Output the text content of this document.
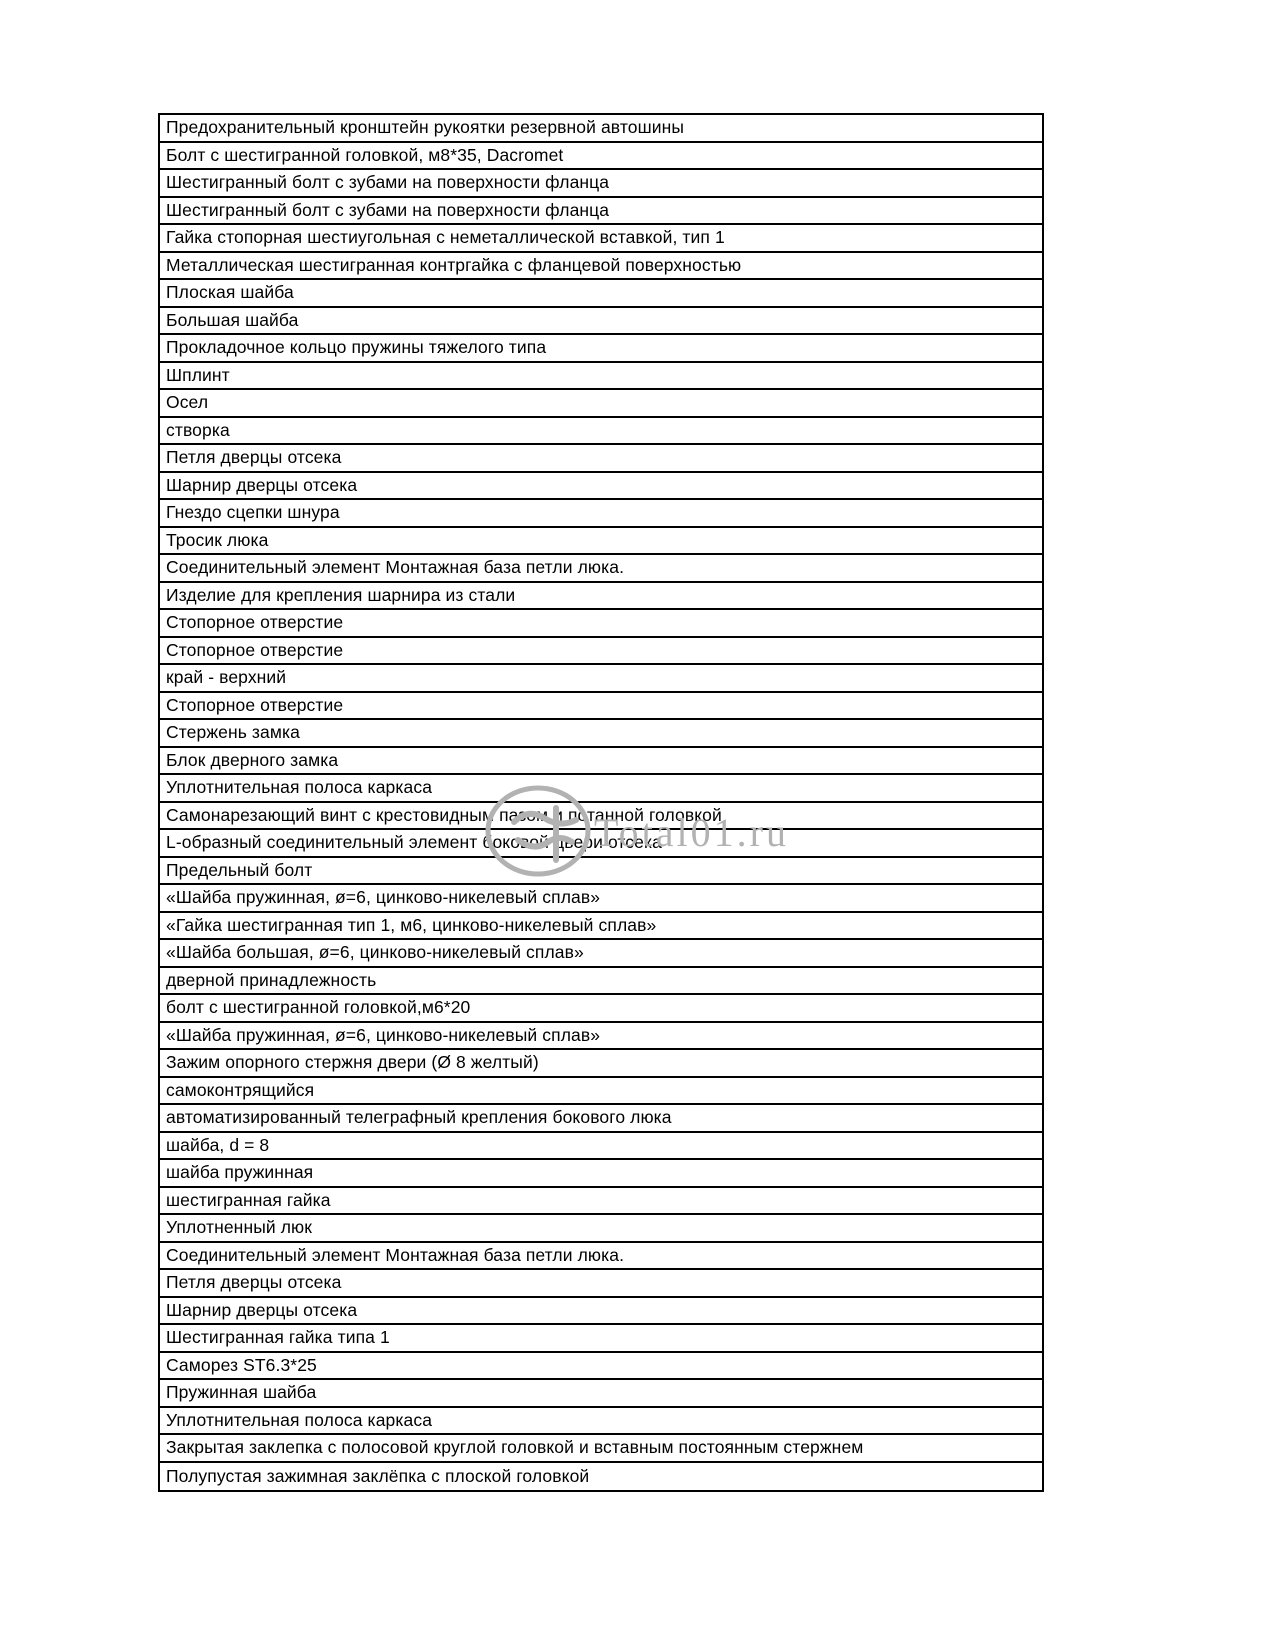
Предохранительный кронштейн рукоятки резервной автошины
Болт с шестигранной головкой, м8*35, Dacromet
Шестигранный болт с зубами на поверхности фланца
Шестигранный болт с зубами на поверхности фланца
Гайка стопорная шестиугольная с неметаллической вставкой, тип 1
Металлическая шестигранная контргайка с фланцевой поверхностью
Плоская шайба
Большая шайба
Прокладочное кольцо пружины тяжелого типа
Шплинт
Осел
створка
Петля дверцы отсека
Шарнир дверцы отсека
Гнездо сцепки шнура
Тросик люка
Соединительный элемент Монтажная база петли люка.
Изделие для крепления шарнира из стали
Стопорное отверстие
Стопорное отверстие
край - верхний
Стопорное отверстие
Стержень замка
Блок дверного замка
Уплотнительная полоса каркаса
Самонарезающий винт с крестовидным пазом и потанной головкой
L-образный соединительный элемент боковой двери отсека
Предельный болт
«Шайба пружинная, ø=6, цинково-никелевый сплав»
«Гайка шестигранная тип 1, м6, цинково-никелевый сплав»
«Шайба большая, ø=6, цинково-никелевый сплав»
дверной принадлежность
болт с шестигранной головкой,м6*20
«Шайба пружинная, ø=6, цинково-никелевый сплав»
Зажим опорного стержня двери (Ø 8 желтый)
самоконтрящийся
автоматизированный телеграфный крепления бокового люка
шайба, d = 8
шайба пружинная
шестигранная гайка
Уплотненный люк
Соединительный элемент Монтажная база петли люка.
Петля дверцы отсека
Шарнир дверцы отсека
Шестигранная гайка типа 1
Саморез ST6.3*25
Пружинная шайба
Уплотнительная полоса каркаса
Закрытая заклепка с полосовой круглой головкой и вставным постоянным стержнем
Полупустая зажимная заклёпка с плоской головкой
Total01.ru
